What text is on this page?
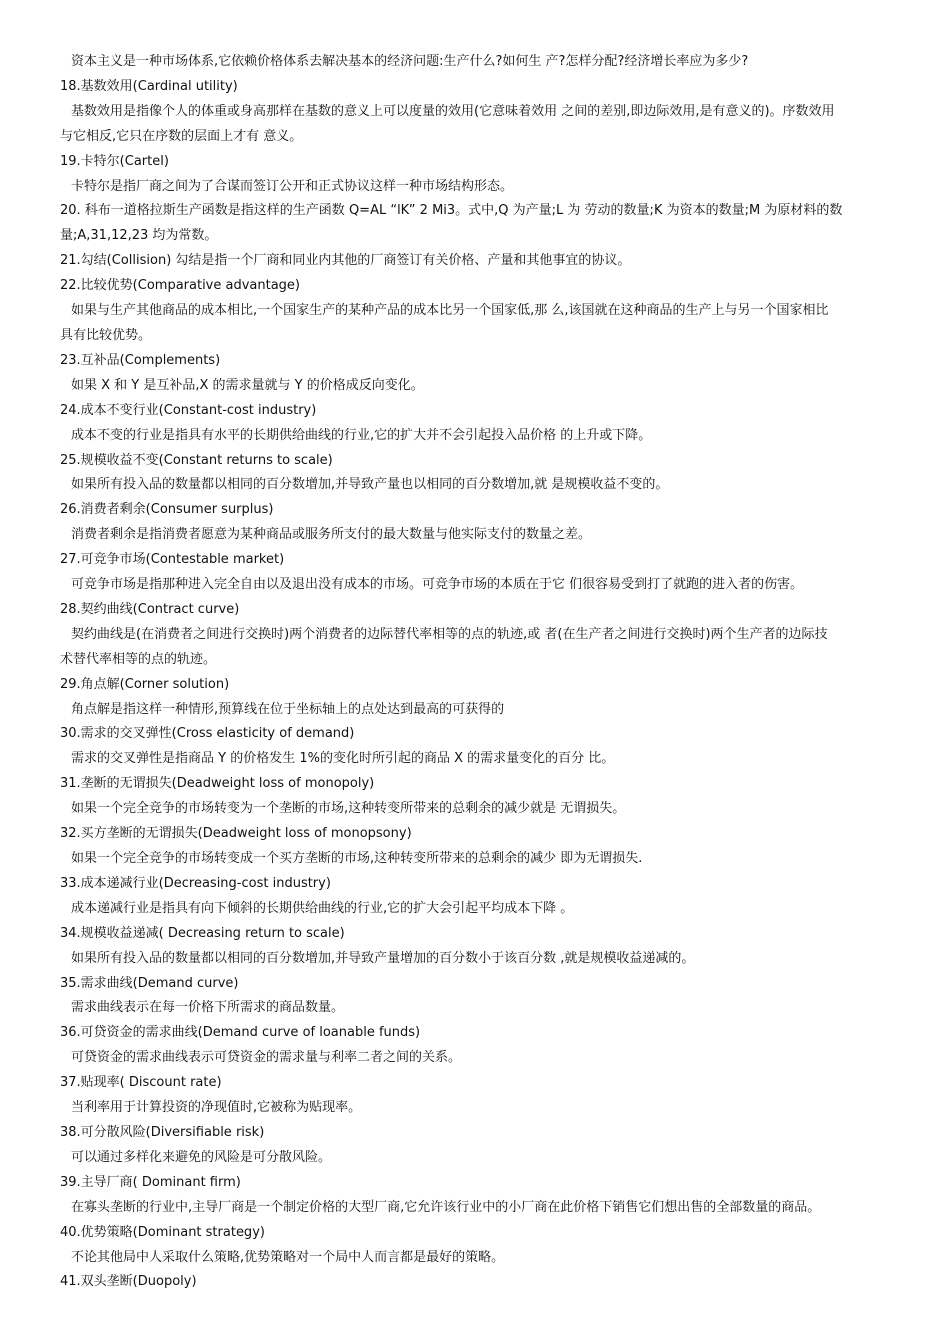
资本主义是一种市场体系,它依赖价格体系去解决基本的经济问题:生产什么?如何生 产?怎样分配?经济增长率应为多少?
18.基数效用(Cardinal utility)
基数效用是指像个人的体重或身高那样在基数的意义上可以度量的效用(它意味着效用 之间的差别,即边际效用,是有意义的)。序数效用
与它相反,它只在序数的层面上才有 意义。
19.卡特尔(Cartel)
卡特尔是指厂商之间为了合谋而签订公开和正式协议这样一种市场结构形态。
20. 科布一道格拉斯生产函数是指这样的生产函数 Q=AL “lK” 2 Mi3。式中,Q 为产量;L 为 劳动的数量;K 为资本的数量;M 为原材料的数
量;A,31,12,23 均为常数。
21.勾结(Collision) 勾结是指一个厂商和同业内其他的厂商签订有关价格、产量和其他事宜的协议。
22.比较优势(Comparative advantage)
如果与生产其他商品的成本相比,一个国家生产的某种产品的成本比另一个国家低,那 么,该国就在这种商品的生产上与另一个国家相比
具有比较优势。
23.互补品(Complements)
如果 X 和 Y 是互补品,X 的需求量就与 Y 的价格成反向变化。
24.成本不变行业(Constant-cost industry)
成本不变的行业是指具有水平的长期供给曲线的行业,它的扩大并不会引起投入品价格 的上升或下降。
25.规模收益不变(Constant returns to scale)
如果所有投入品的数量都以相同的百分数增加,并导致产量也以相同的百分数增加,就 是规模收益不变的。
26.消费者剩余(Consumer surplus)
消费者剩余是指消费者愿意为某种商品或服务所支付的最大数量与他实际支付的数量之差。
27.可竞争市场(Contestable market)
可竞争市场是指那种进入完全自由以及退出没有成本的市场。可竞争市场的本质在于它 们很容易受到打了就跑的进入者的伤害。
28.契约曲线(Contract curve)
契约曲线是(在消费者之间进行交换时)两个消费者的边际替代率相等的点的轨迹,或 者(在生产者之间进行交换时)两个生产者的边际技
术替代率相等的点的轨迹。
29.角点解(Corner solution)
角点解是指这样一种情形,预算线在位于坐标轴上的点处达到最高的可获得的
30.需求的交叉弹性(Cross elasticity of demand)
需求的交叉弹性是指商品 Y 的价格发生 1%的变化时所引起的商品 X 的需求量变化的百分 比。
31.垄断的无谓损失(Deadweight loss of monopoly)
如果一个完全竞争的市场转变为一个垄断的市场,这种转变所带来的总剩余的减少就是 无谓损失。
32.买方垄断的无谓损失(Deadweight loss of monopsony)
如果一个完全竞争的市场转变成一个买方垄断的市场,这种转变所带来的总剩余的减少 即为无谓损失.
33.成本递减行业(Decreasing-cost industry)
成本递减行业是指具有向下倾斜的长期供给曲线的行业,它的扩大会引起平均成本下降 。
34.规模收益递减( Decreasing return to scale)
如果所有投入品的数量都以相同的百分数增加,并导致产量增加的百分数小于该百分数 ,就是规模收益递减的。
35.需求曲线(Demand curve)
需求曲线表示在每一价格下所需求的商品数量。
36.可贷资金的需求曲线(Demand curve of loanable funds)
可贷资金的需求曲线表示可贷资金的需求量与利率二者之间的关系。
37.贴现率( Discount rate)
当利率用于计算投资的净现值时,它被称为贴现率。
38.可分散风险(Diversifiable risk)
可以通过多样化来避免的风险是可分散风险。
39.主导厂商( Dominant firm)
在寡头垄断的行业中,主导厂商是一个制定价格的大型厂商,它允许该行业中的小厂商在此价格下销售它们想出售的全部数量的商品。
40.优势策略(Dominant strategy)
不论其他局中人采取什么策略,优势策略对一个局中人而言都是最好的策略。
41.双头垄断(Duopoly)
